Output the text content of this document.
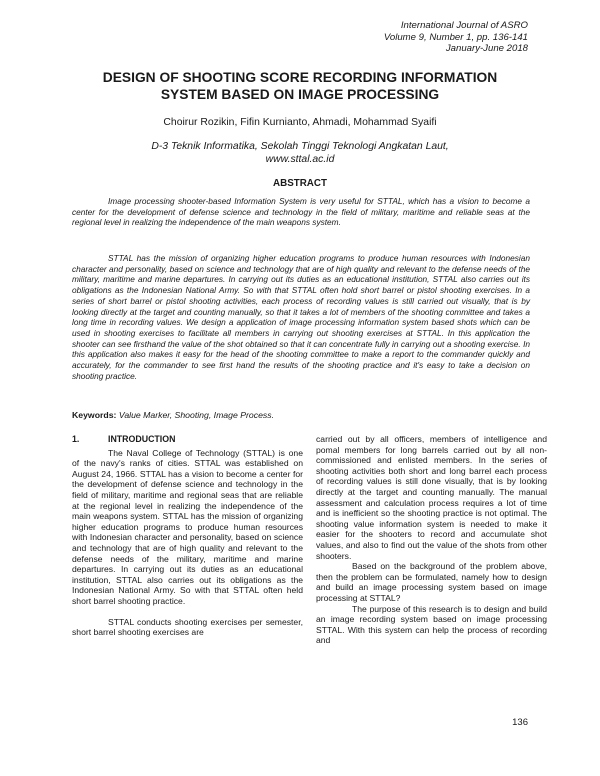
International Journal of ASRO
Volume 9, Number 1, pp. 136-141
January-June 2018
DESIGN OF SHOOTING SCORE RECORDING INFORMATION
SYSTEM BASED ON IMAGE PROCESSING
Choirur Rozikin, Fifin Kurnianto, Ahmadi, Mohammad Syaifi
D-3 Teknik Informatika, Sekolah Tinggi Teknologi Angkatan Laut,
www.sttal.ac.id
ABSTRACT

Image processing shooter-based Information System is very useful for STTAL, which has a vision to become a center for the development of defense science and technology in the field of military, maritime and reliable seas at the regional level in realizing the independence of the main weapons system.

STTAL has the mission of organizing higher education programs to produce human resources with Indonesian character and personality, based on science and technology that are of high quality and relevant to the defense needs of the military, maritime and marine departures. In carrying out its duties as an educational institution, STTAL also carries out its obligations as the Indonesian National Army. So with that STTAL often hold short barrel or pistol shooting exercises. In a series of short barrel or pistol shooting activities, each process of recording values is still carried out visually, that is by looking directly at the target and counting manually, so that it takes a lot of members of the shooting committee and takes a long time in recording values. We design a application of image processing information system based shots which can be used in shooting exercises to facilitate all members in carrying out shooting exercises at STTAL. In this application the shooter can see firsthand the value of the shot obtained so that it can concentrate fully in carrying out a shooting exercise. In this application also makes it easy for the head of the shooting committee to make a report to the commander quickly and accurately, for the commander to see first hand the results of the shooting practice and it's easy to take a decision on shooting practice.

Keywords: Value Marker, Shooting, Image Process.

1.	INTRODUCTION

The Naval College of Technology (STTAL) is one of the navy's ranks of cities. STTAL was established on August 24, 1966. STTAL has a vision to become a center for the development of defense science and technology in the field of military, maritime and regional seas that are reliable at the regional level in realizing the independence of the main weapons system. STTAL has the mission of organizing higher education programs to produce human resources with Indonesian character and personality, based on science and technology that are of high quality and relevant to the defense needs of the military, maritime and marine departures. In carrying out its duties as an educational institution, STTAL also carries out its obligations as the Indonesian National Army. So with that STTAL often held short barrel shooting practice.

STTAL conducts shooting exercises per semester, short barrel shooting exercises are

carried out by all officers, members of intelligence and pomal members for long barrels carried out by all non-commissioned and enlisted members. In the series of shooting activities both short and long barrel each process of recording values is still done visually, that is by looking directly at the target and counting manually. The manual assessment and calculation process requires a lot of time and is inefficient so the shooting practice is not optimal. The shooting value information system is needed to make it easier for the shooters to record and accumulate shot values, and also to find out the value of the shots from other shooters.

Based on the background of the problem above, then the problem can be formulated, namely how to design and build an image processing system based on image processing at STTAL?

The purpose of this research is to design and build an image recording system based on image processing STTAL. With this system can help the process of recording and

136
